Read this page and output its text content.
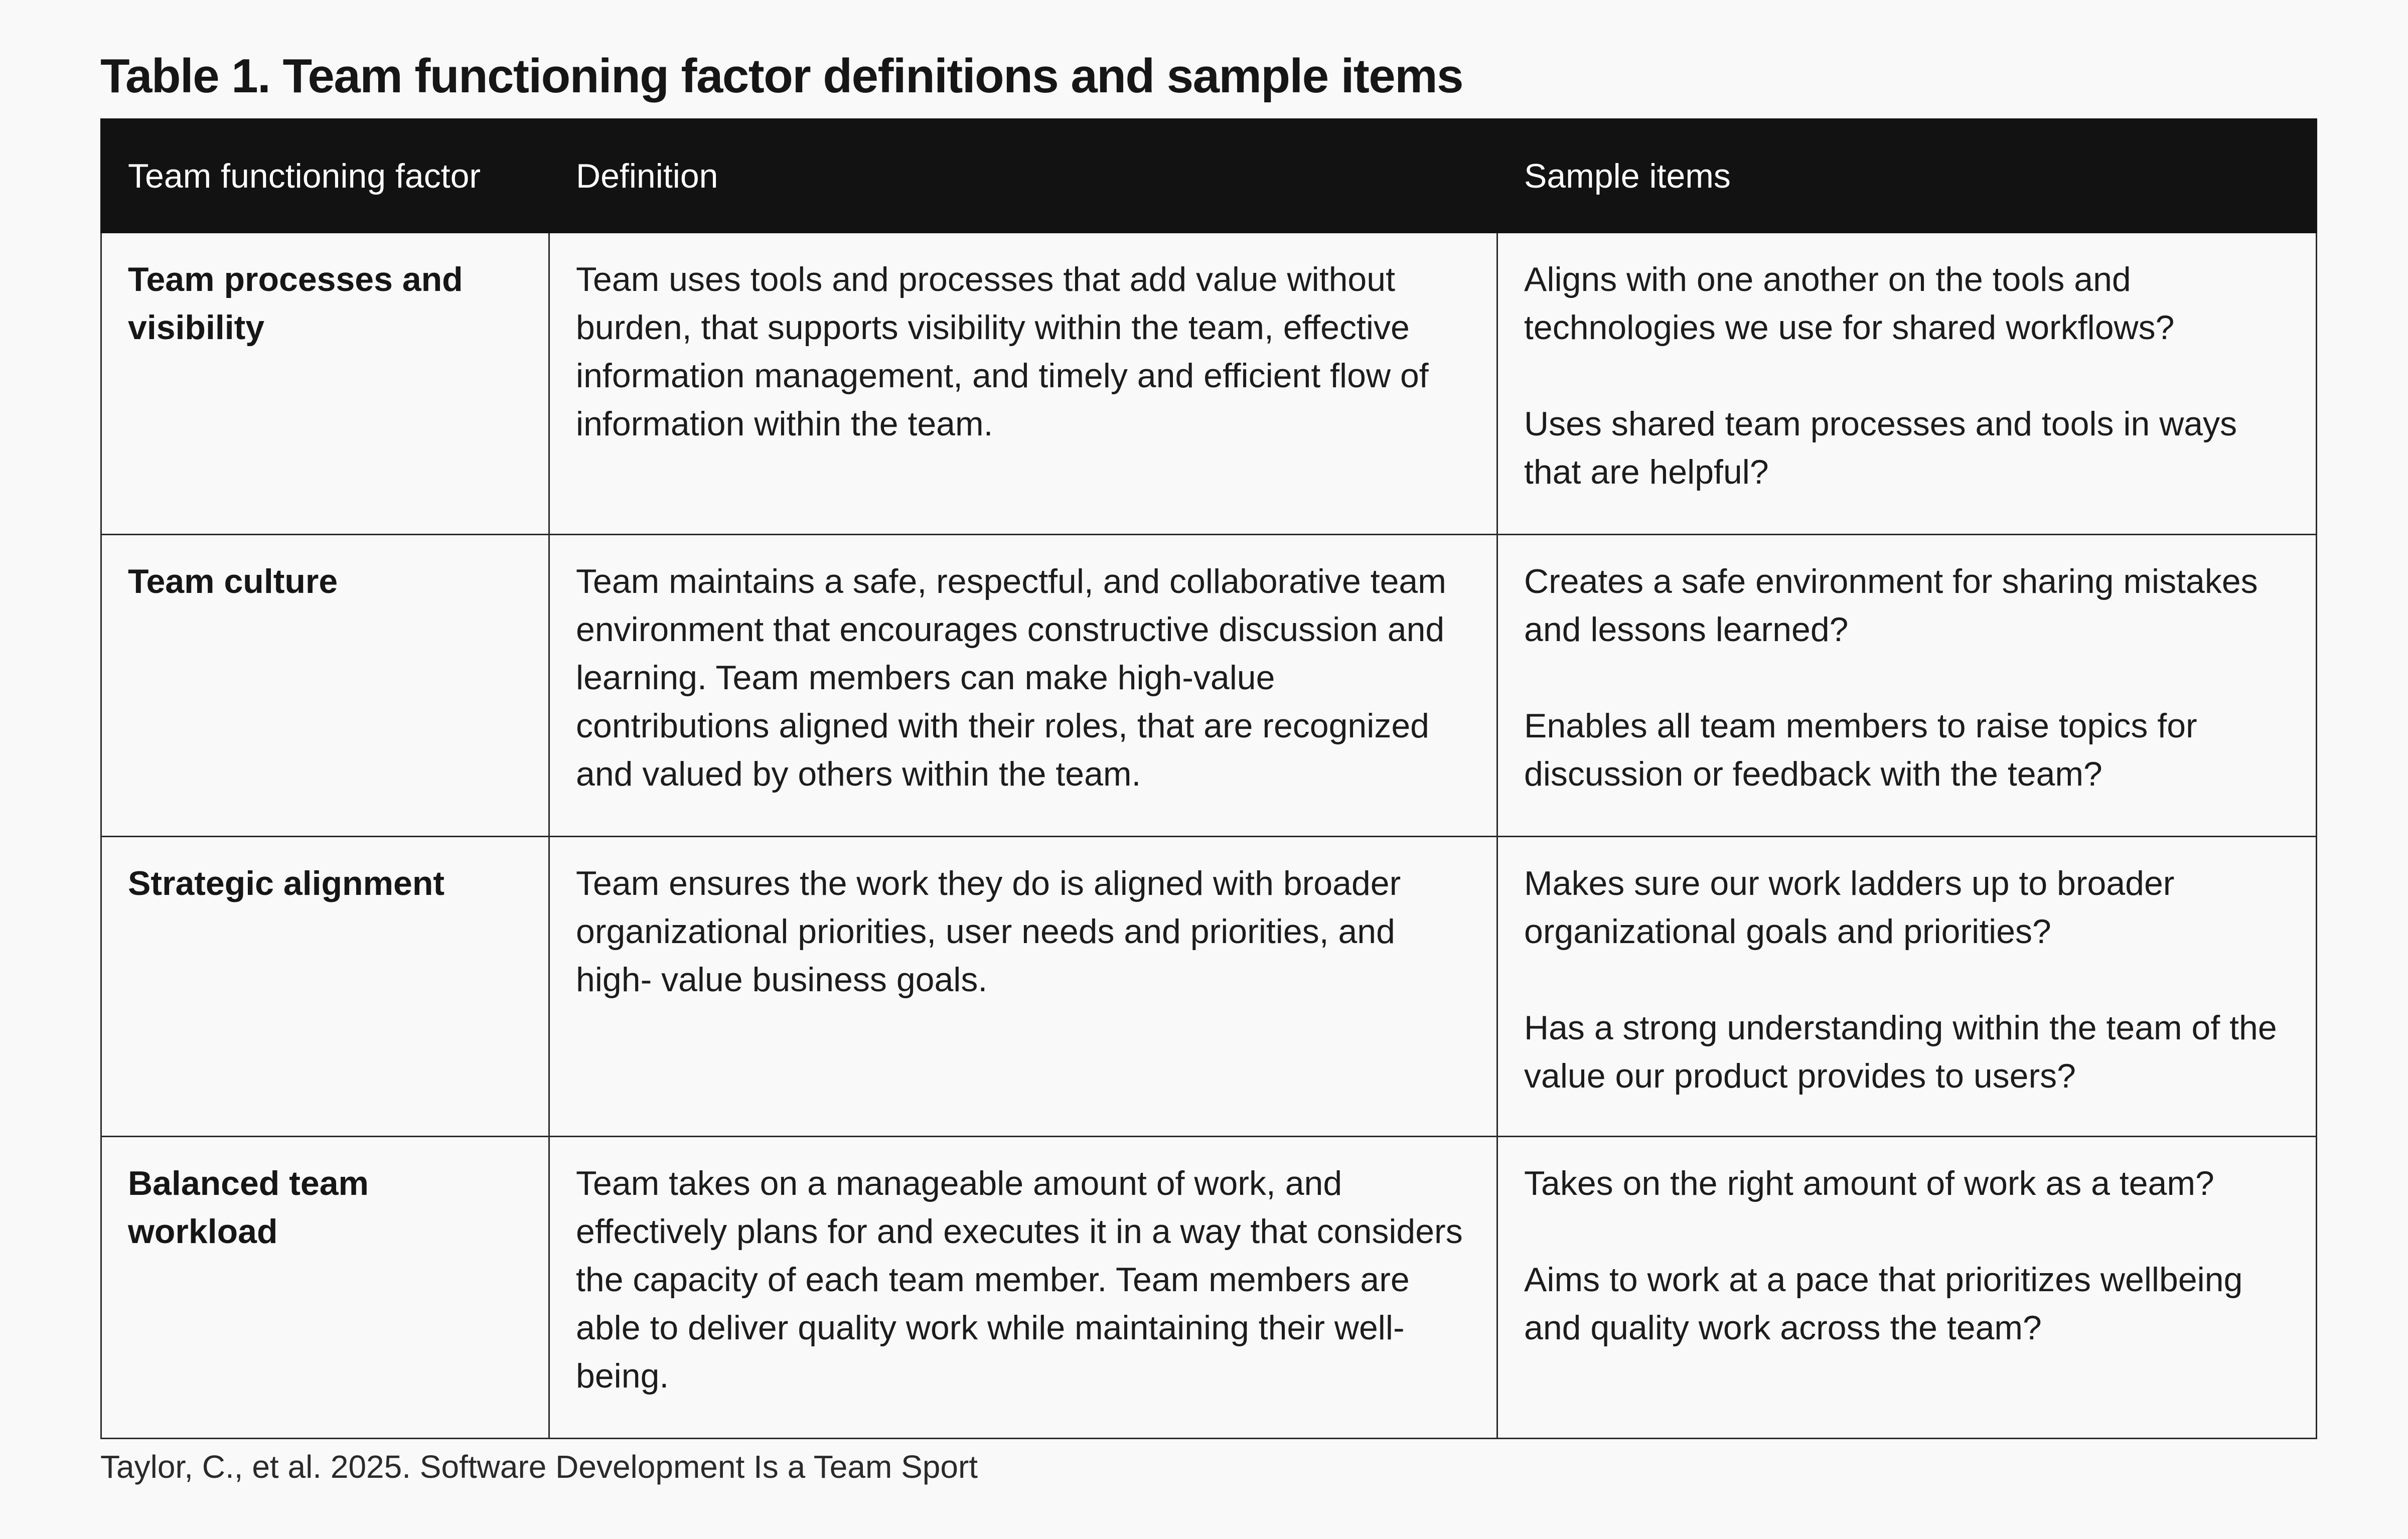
Table 1. Team functioning factor definitions and sample items
Team functioning factor	Definition	Sample items
Team processes and visibility	Team uses tools and processes that add value without burden, that supports visibility within the team, effective information management, and timely and efficient flow of information within the team.	Aligns with one another on the tools and technologies we use for shared workflows?
Uses shared team processes and tools in ways that are helpful?

Team culture	Team maintains a safe, respectful, and collaborative team environment that encourages constructive discussion and learning. Team members can make high-value contributions aligned with their roles, that are recognized and valued by others within the team.	Creates a safe environment for sharing mistakes and lessons learned?
Enables all team members to raise topics for discussion or feedback with the team?

Strategic alignment	Team ensures the work they do is aligned with broader organizational priorities, user needs and priorities, and high- value business goals.	Makes sure our work ladders up to broader organizational goals and priorities?
Has a strong understanding within the team of the value our product provides to users?

Balanced team workload	Team takes on a manageable amount of work, and effectively plans for and executes it in a way that considers the capacity of each team member. Team members are able to deliver quality work while maintaining their well-being.	Takes on the right amount of work as a team?
Aims to work at a pace that prioritizes wellbeing and quality work across the team?

Taylor, C., et al. 2025. Software Development Is a Team Sport
